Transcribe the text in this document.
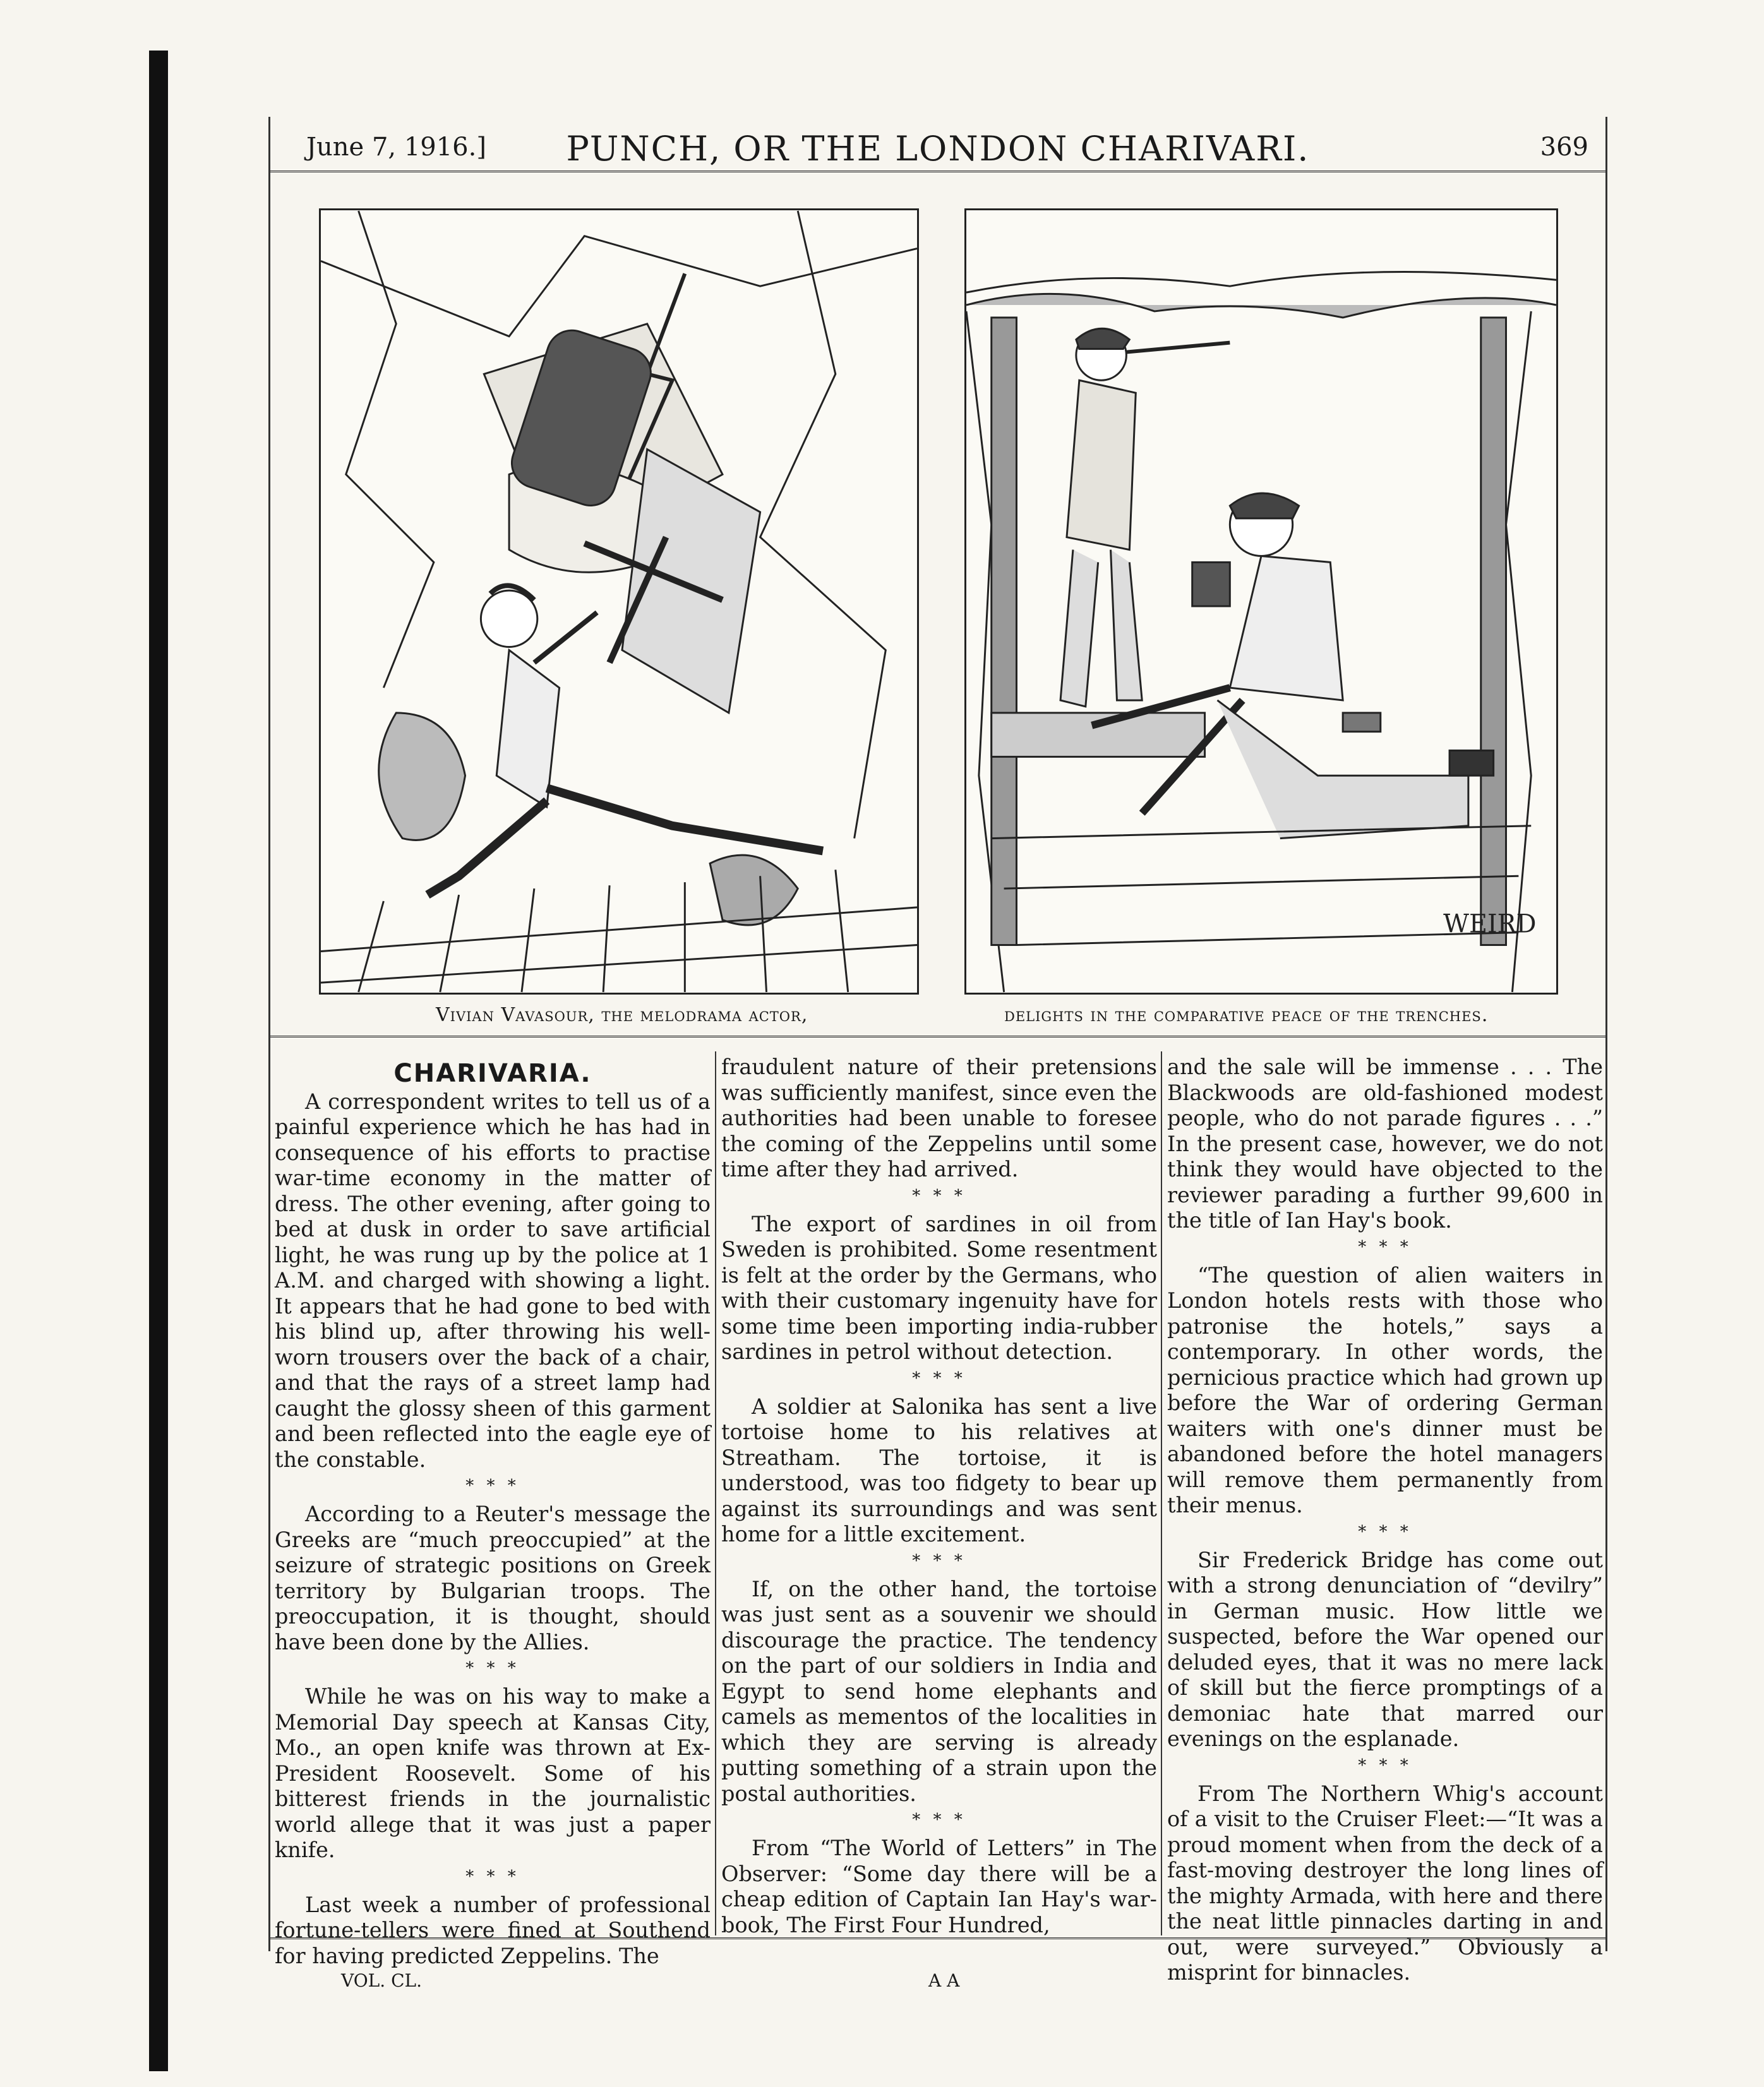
June 7, 1916.]	PUNCH, OR THE LONDON CHARIVARI.	369
WEIRD
Vivian Vavasour, the melodrama actor,	delights in the comparative peace of the trenches.
CHARIVARIA.

A correspondent writes to tell us of a painful experience which he has had in consequence of his efforts to practise war-time economy in the matter of dress. The other evening, after going to bed at dusk in order to save artificial light, he was rung up by the police at 1 A.M. and charged with showing a light. It appears that he had gone to bed with his blind up, after throwing his well-worn trousers over the back of a chair, and that the rays of a street lamp had caught the glossy sheen of this garment and been reflected into the eagle eye of the constable.

* * *

According to a Reuter's message the Greeks are “much preoccupied” at the seizure of strategic positions on Greek territory by Bulgarian troops. The preoccupation, it is thought, should have been done by the Allies.

* * *

While he was on his way to make a Memorial Day speech at Kansas City, Mo., an open knife was thrown at Ex-President Roosevelt. Some of his bitterest friends in the journalistic world allege that it was just a paper knife.

* * *

Last week a number of professional fortune-tellers were fined at Southend for having predicted Zeppelins. The

fraudulent nature of their pretensions was sufficiently manifest, since even the authorities had been unable to foresee the coming of the Zeppelins until some time after they had arrived.

* * *

The export of sardines in oil from Sweden is prohibited. Some resentment is felt at the order by the Germans, who with their customary ingenuity have for some time been importing india-rubber sardines in petrol without detection.

* * *

A soldier at Salonika has sent a live tortoise home to his relatives at Streatham. The tortoise, it is understood, was too fidgety to bear up against its surroundings and was sent home for a little excitement.

* * *

If, on the other hand, the tortoise was just sent as a souvenir we should discourage the practice. The tendency on the part of our soldiers in India and Egypt to send home elephants and camels as mementos of the localities in which they are serving is already putting something of a strain upon the postal authorities.

* * *

From “The World of Letters” in The Observer: “Some day there will be a cheap edition of Captain Ian Hay's war-book, The First Four Hundred,

and the sale will be immense . . . The Blackwoods are old-fashioned modest people, who do not parade figures . . .” In the present case, however, we do not think they would have objected to the reviewer parading a further 99,600 in the title of Ian Hay's book.

* * *

“The question of alien waiters in London hotels rests with those who patronise the hotels,” says a contemporary. In other words, the pernicious practice which had grown up before the War of ordering German waiters with one's dinner must be abandoned before the hotel managers will remove them permanently from their menus.

* * *

Sir Frederick Bridge has come out with a strong denunciation of “devilry” in German music. How little we suspected, before the War opened our deluded eyes, that it was no mere lack of skill but the fierce promptings of a demoniac hate that marred our evenings on the esplanade.

* * *

From The Northern Whig's account of a visit to the Cruiser Fleet:—“It was a proud moment when from the deck of a fast-moving destroyer the long lines of the mighty Armada, with here and there the neat little pinnacles darting in and out, were surveyed.” Obviously a misprint for binnacles.

VOL. CL.	A A
